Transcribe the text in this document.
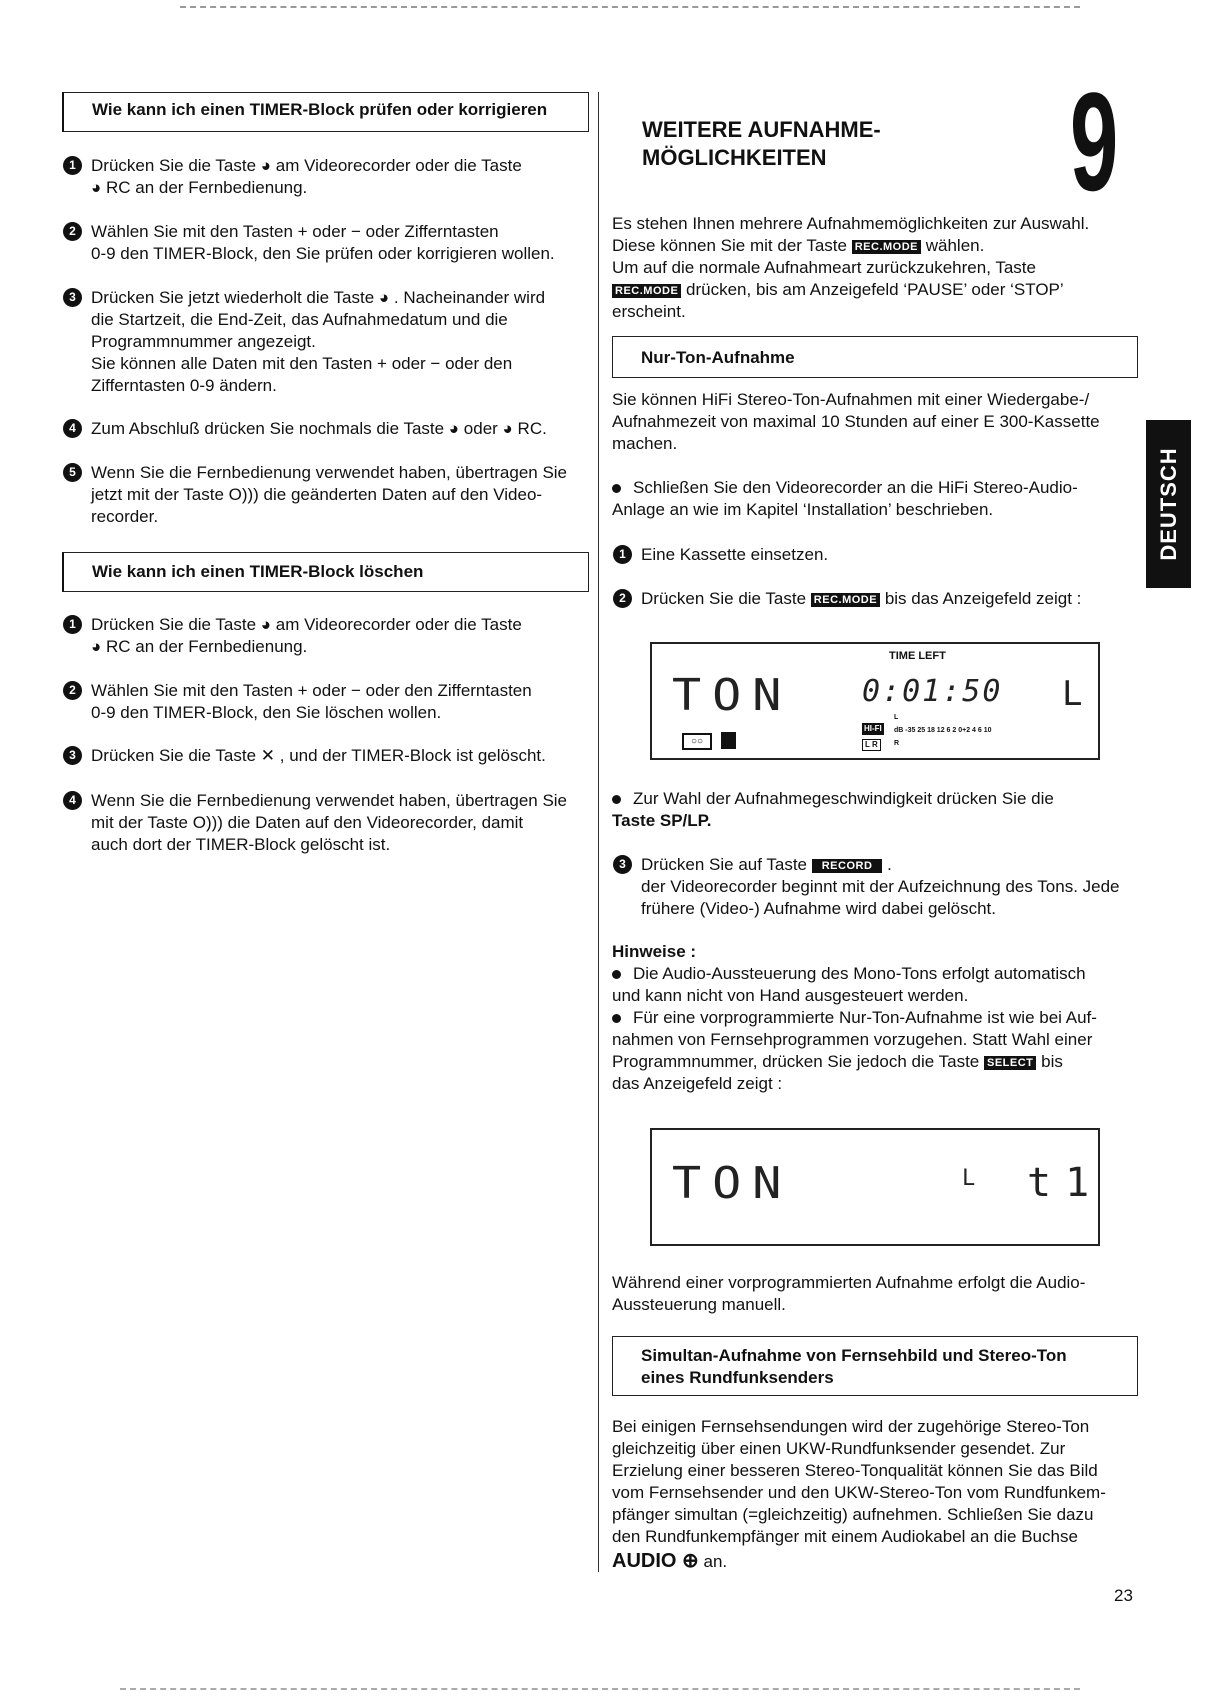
Wie kann ich einen TIMER-Block prüfen oder korrigieren
1 Drücken Sie die Taste ◕ am Videorecorder oder die Taste
◕ RC an der Fernbedienung.
2 Wählen Sie mit den Tasten + oder − oder Zifferntasten
0-9 den TIMER-Block, den Sie prüfen oder korrigieren wollen.
3 Drücken Sie jetzt wiederholt die Taste ◕ . Nacheinander wird
die Startzeit, die End-Zeit, das Aufnahmedatum und die
Programmnummer angezeigt.
Sie können alle Daten mit den Tasten + oder − oder den
Zifferntasten 0-9 ändern.
4 Zum Abschluß drücken Sie nochmals die Taste ◕ oder ◕ RC.
5 Wenn Sie die Fernbedienung verwendet haben, übertragen Sie
jetzt mit der Taste O))) die geänderten Daten auf den Video-
recorder.
Wie kann ich einen TIMER-Block löschen
1 Drücken Sie die Taste ◕ am Videorecorder oder die Taste
◕ RC an der Fernbedienung.
2 Wählen Sie mit den Tasten + oder − oder den Zifferntasten
0-9 den TIMER-Block, den Sie löschen wollen.
3 Drücken Sie die Taste ✕ , und der TIMER-Block ist gelöscht.
4 Wenn Sie die Fernbedienung verwendet haben, übertragen Sie
mit der Taste O))) die Daten auf den Videorecorder, damit
auch dort der TIMER-Block gelöscht ist.
WEITERE AUFNAHME-
MÖGLICHKEITEN	9
DEUTSCH
Es stehen Ihnen mehrere Aufnahmemöglichkeiten zur Auswahl.
Diese können Sie mit der Taste REC.MODE wählen.
Um auf die normale Aufnahmeart zurückzukehren, Taste
REC.MODE drücken, bis am Anzeigefeld ‘PAUSE’ oder ‘STOP’
erscheint.
Nur-Ton-Aufnahme
Sie können HiFi Stereo-Ton-Aufnahmen mit einer Wiedergabe-/
Aufnahmezeit von maximal 10 Stunden auf einer E 300-Kassette
machen.
Schließen Sie den Videorecorder an die HiFi Stereo-Audio-
Anlage an wie im Kapitel ‘Installation’ beschrieben.
1 Eine Kassette einsetzen.
2 Drücken Sie die Taste REC.MODE bis das Anzeigefeld zeigt :
TIME LEFT
TON 0:01:50 L
○○
L
HI-FI dB -35 25 18 12 6 2 0+2 4 6 10
L R	R
Zur Wahl der Aufnahmegeschwindigkeit drücken Sie die
Taste SP/LP.
3 Drücken Sie auf Taste RECORD .
der Videorecorder beginnt mit der Aufzeichnung des Tons. Jede
frühere (Video-) Aufnahme wird dabei gelöscht.
Hinweise :
Die Audio-Aussteuerung des Mono-Tons erfolgt automatisch
und kann nicht von Hand ausgesteuert werden.
Für eine vorprogrammierte Nur-Ton-Aufnahme ist wie bei Auf-
nahmen von Fernsehprogrammen vorzugehen. Statt Wahl einer
Programmnummer, drücken Sie jedoch die Taste SELECT bis
das Anzeigefeld zeigt :
TON	L t1
Während einer vorprogrammierten Aufnahme erfolgt die Audio-
Aussteuerung manuell.
Simultan-Aufnahme von Fernsehbild und Stereo-Ton
eines Rundfunksenders
Bei einigen Fernsehsendungen wird der zugehörige Stereo-Ton
gleichzeitig über einen UKW-Rundfunksender gesendet. Zur
Erzielung einer besseren Stereo-Tonqualität können Sie das Bild
vom Fernsehsender und den UKW-Stereo-Ton vom Rundfunkem-
pfänger simultan (=gleichzeitig) aufnehmen. Schließen Sie dazu
den Rundfunkempfänger mit einem Audiokabel an die Buchse
AUDIO ⊕ an.
23
